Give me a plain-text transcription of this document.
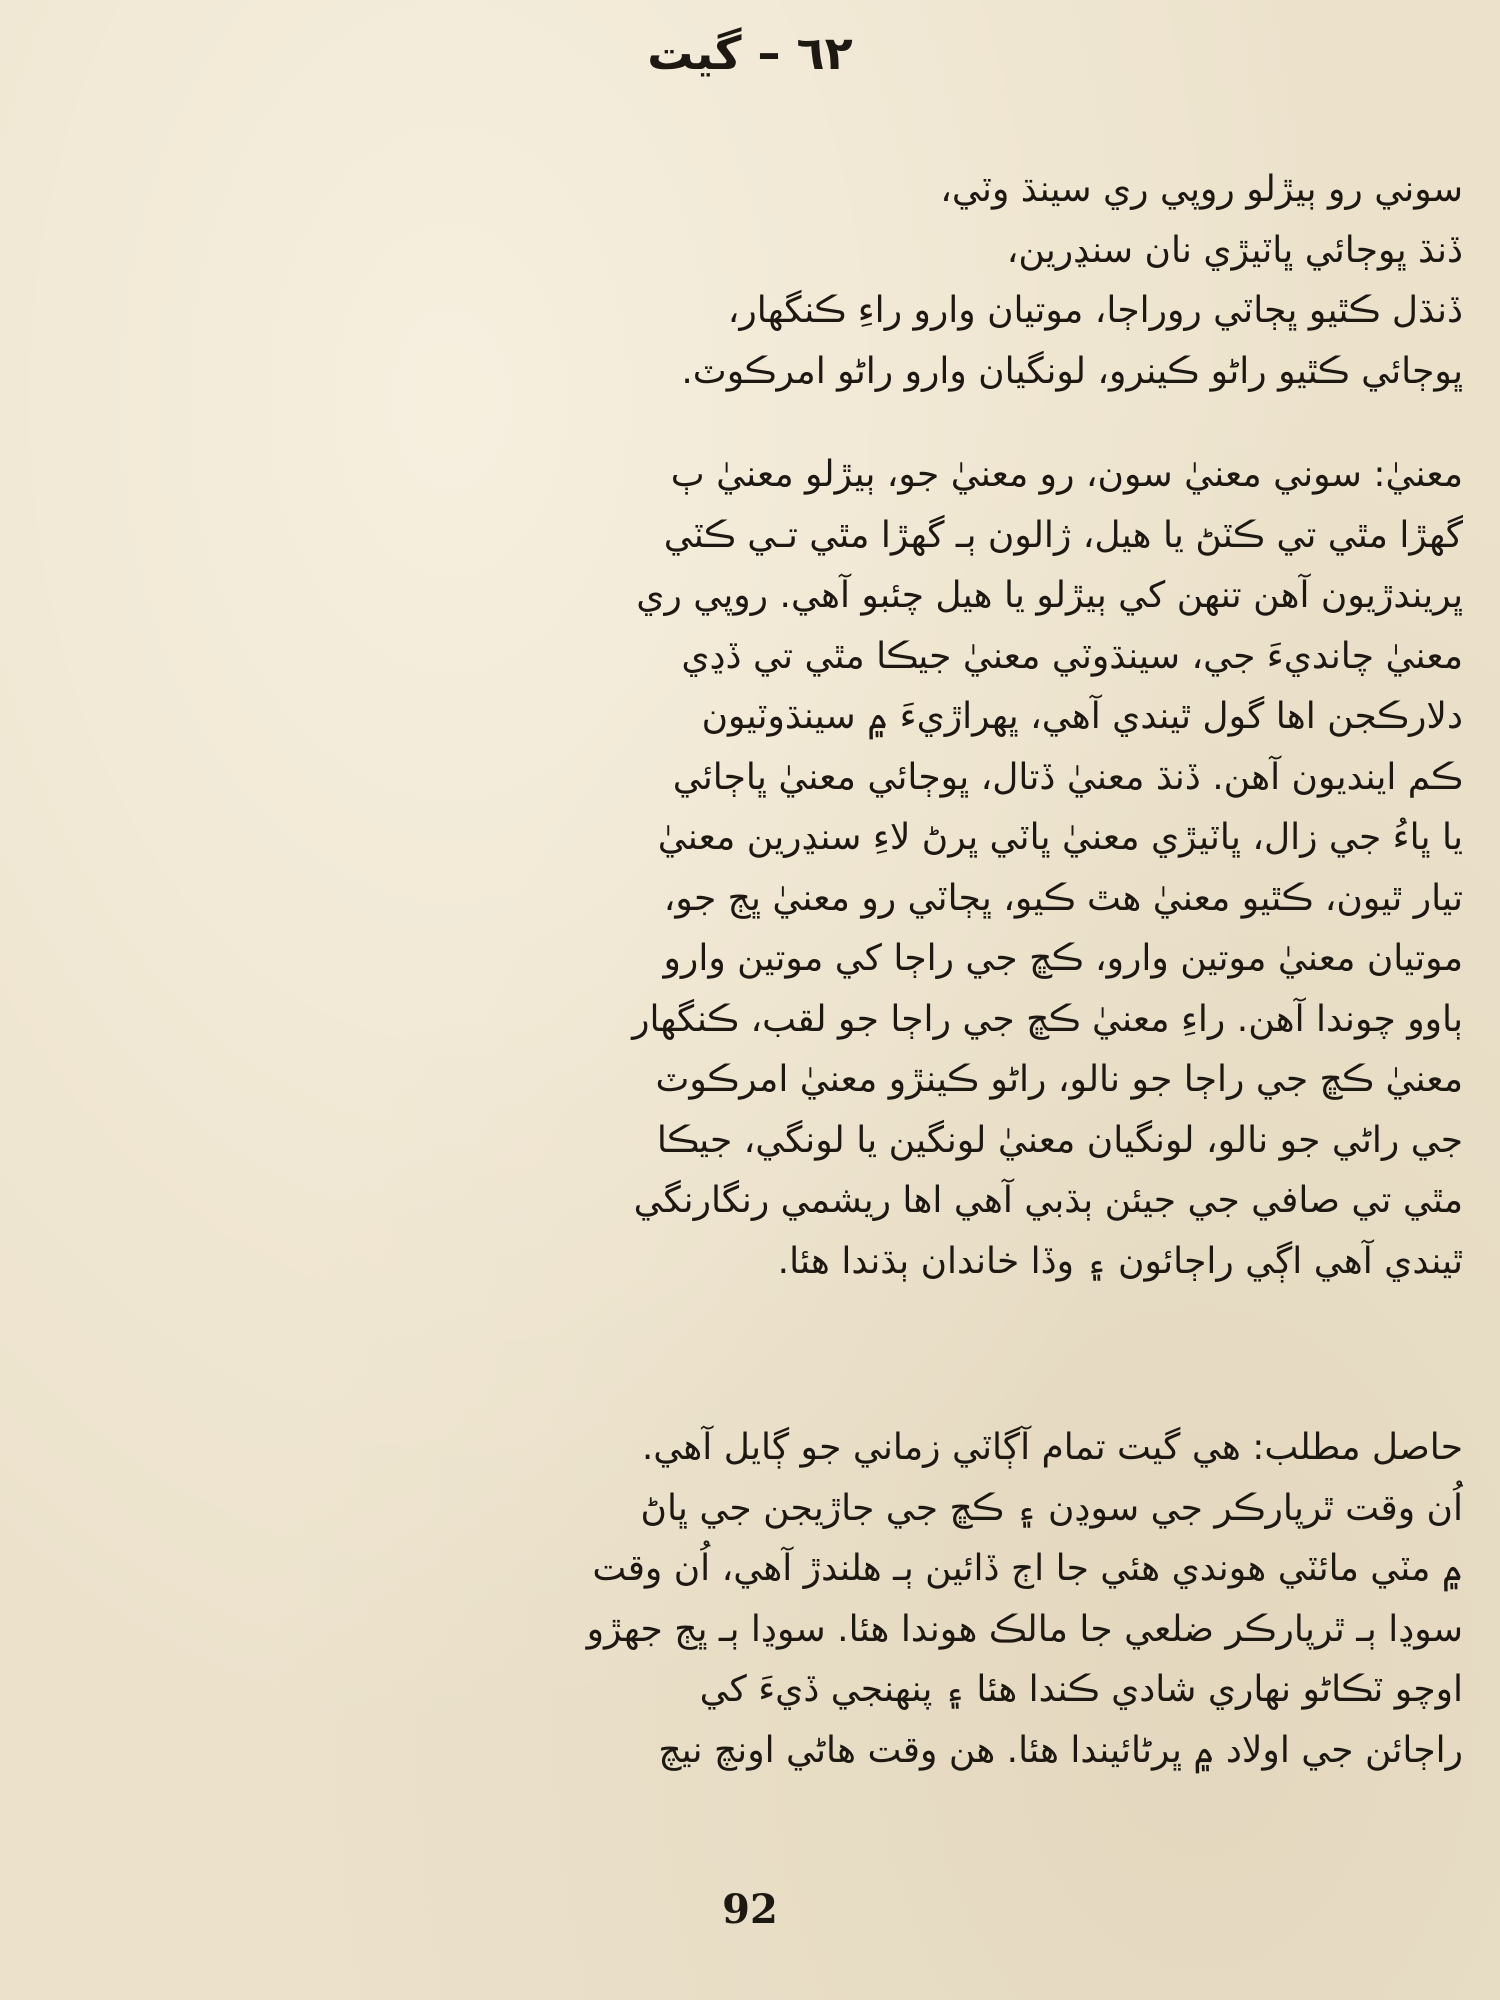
٦٢ – گيت
سوني رو ٻيڙلو روپي ري سينڌ وٽي،
ڏنڌ ڀوڄائي ڀاٽيڙي نان سنڍرين،
ڏنڌل ڪٿيو ڀڄاٽي روراڄا، موتيان وارو راءِ ڪنگهار،
ڀوڄائي ڪٿيو راڻو ڪينرو، لونگيان وارو راڻو امرڪوٽ.
معنيٰ: سوني معنيٰ سون، رو معنيٰ جو، ٻيڙلو معنيٰ ٻ
گهڙا مٿي تي ڪٽڻ يا هيل، ژالون ٻـ گهڙا مٿي تـي ڪٽي
ڀريندڙيون آهن تنهن کي ٻيڙلو يا هيل چئبو آهي. روپي ري
معنيٰ چانديءَ جي، سينڌوٽي معنيٰ جيڪا مٿي تي ڏڍي
دلارڪجن اها گول ٿيندي آهي، ڀهراڙيءَ ۾ سينڌوٽيون
ڪم اينديون آهن. ڏنڌ معنيٰ ڏتال، ڀوڄائي معنيٰ ڀاڄائي
يا ڀاءُ جي زال، ڀاٽيڙي معنيٰ ڀاٽي ڀرڻ لاءِ سنڍرين معنيٰ
تيار ٿيون، ڪٿيو معنيٰ هٿ ڪيو، ڀڄاٽي رو معنيٰ ڀڄ جو،
موتيان معنيٰ موتين وارو، ڪڇ جي راڄا کي موتين وارو
ٻاوو چوندا آهن. راءِ معنيٰ ڪڇ جي راڄا جو لقب، ڪنگهار
معنيٰ ڪڇ جي راڄا جو نالو، راڻو ڪينڙو معنيٰ امرڪوٽ
جي راڻي جو نالو، لونگيان معنيٰ لونگين يا لونگي، جيڪا
مٿي تي صافي جي جيئن ٻڌبي آهي اها ريشمي رنگارنگي
ٿيندي آهي اڳي راڄائون ۽ وڏا خاندان ٻڌندا هئا.
حاصل مطلب: هي گيت تمام آڳاٽي زماني جو ڳايل آهي.
اُن وقت ٿرپارڪر جي سوڍن ۽ ڪڇ جي جاڙيجن جي ڀاڻ
۾ مٽي مائٽي هوندي هئي جا اڄ ڏائين ٻـ هلندڙ آهي، اُن وقت
سوڍا ٻـ ٿرپارڪر ضلعي جا مالڪ هوندا هئا. سوڍا ٻـ ڀڄ جهڙو
اوچو ٽڪاڻو نهاري شادي ڪندا هئا ۽ پنهنجي ڏيءَ کي
راڄائن جي اولاد ۾ ڀرڻائيندا هئا. هن وقت هاڻي اونچ نيچ
92
